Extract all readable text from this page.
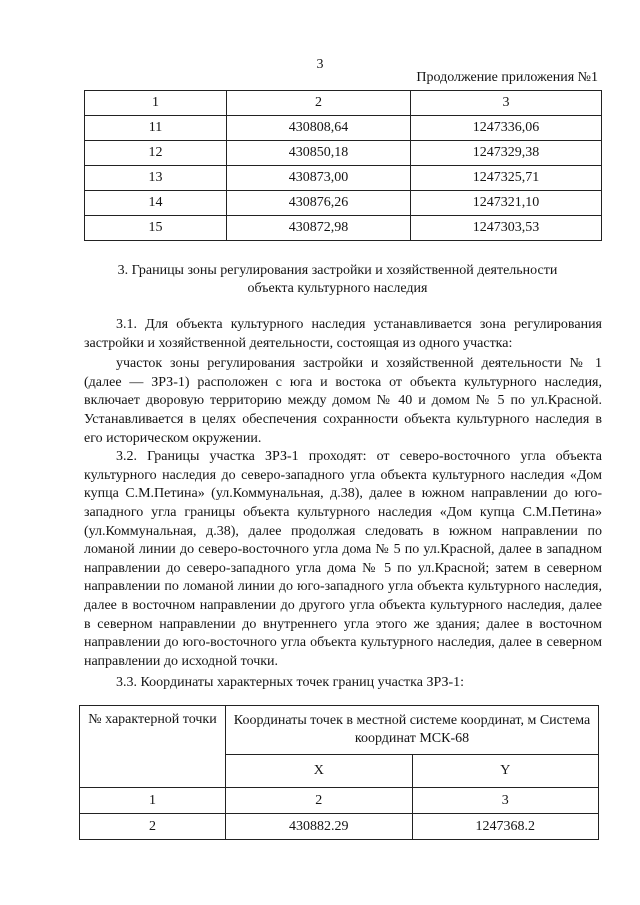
3
Продолжение приложения №1
1	2	3
11	430808,64	1247336,06
12	430850,18	1247329,38
13	430873,00	1247325,71
14	430876,26	1247321,10
15	430872,98	1247303,53
3. Границы зоны регулирования застройки и хозяйственной деятельности объекта культурного наследия

3.1. Для объекта культурного наследия устанавливается зона регулирования застройки и хозяйственной деятельности, состоящая из одного участка:

участок зоны регулирования застройки и хозяйственной деятельности № 1 (далее — ЗРЗ-1) расположен с юга и востока от объекта культурного наследия, включает дворовую территорию между домом № 40 и домом № 5 по ул.Красной. Устанавливается в целях обеспечения сохранности объекта культурного наследия в его историческом окружении.

3.2. Границы участка ЗРЗ-1 проходят: от северо-восточного угла объекта культурного наследия до северо-западного угла объекта культурного наследия «Дом купца С.М.Петина» (ул.Коммунальная, д.38), далее в южном направлении до юго-западного угла границы объекта культурного наследия «Дом купца С.М.Петина» (ул.Коммунальная, д.38), далее продолжая следовать в южном направлении по ломаной линии до северо-восточного угла дома № 5 по ул.Красной, далее в западном направлении до северо-западного угла дома № 5 по ул.Красной; затем в северном направлении по ломаной линии до юго-западного угла объекта культурного наследия, далее в восточном направлении до другого угла объекта культурного наследия, далее в северном направлении до внутреннего угла этого же здания; далее в восточном направлении до юго-восточного угла объекта культурного наследия, далее в северном направлении до исходной точки.

3.3. Координаты характерных точек границ участка ЗРЗ-1:

№ характерной точки	Координаты точек в местной системе координат, м Система координат МСК-68	
	X	Y
1	2	3
2	430882.29	1247368.2
